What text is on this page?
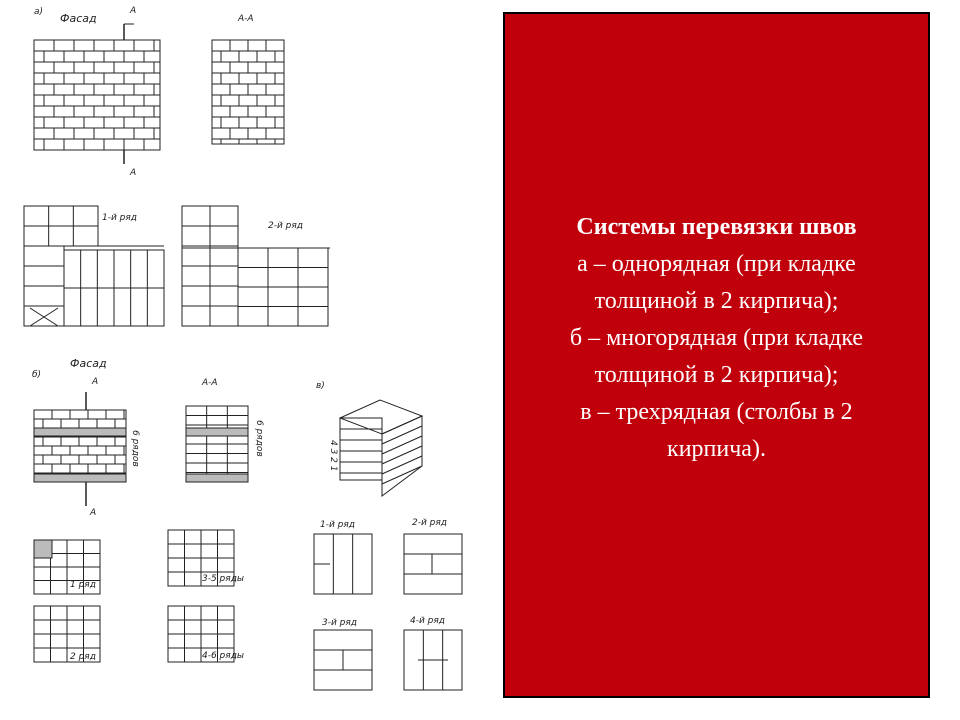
а) Фасад
А
А-А
А
1-й ряд
2-й ряд
б)
Фасад
А
А
А-А
6 рядов	6 рядов
в)
4 3 2 1
1 ряд
3-5 ряды
2 ряд	4-6 ряды
1-й ряд	2-й ряд
3-й ряд	4-й ряд
Системы перевязки швов
а – однорядная (при кладке
толщиной в 2 кирпича);
б – многорядная (при кладке
толщиной в 2 кирпича);
в – трехрядная (столбы в 2
кирпича).
